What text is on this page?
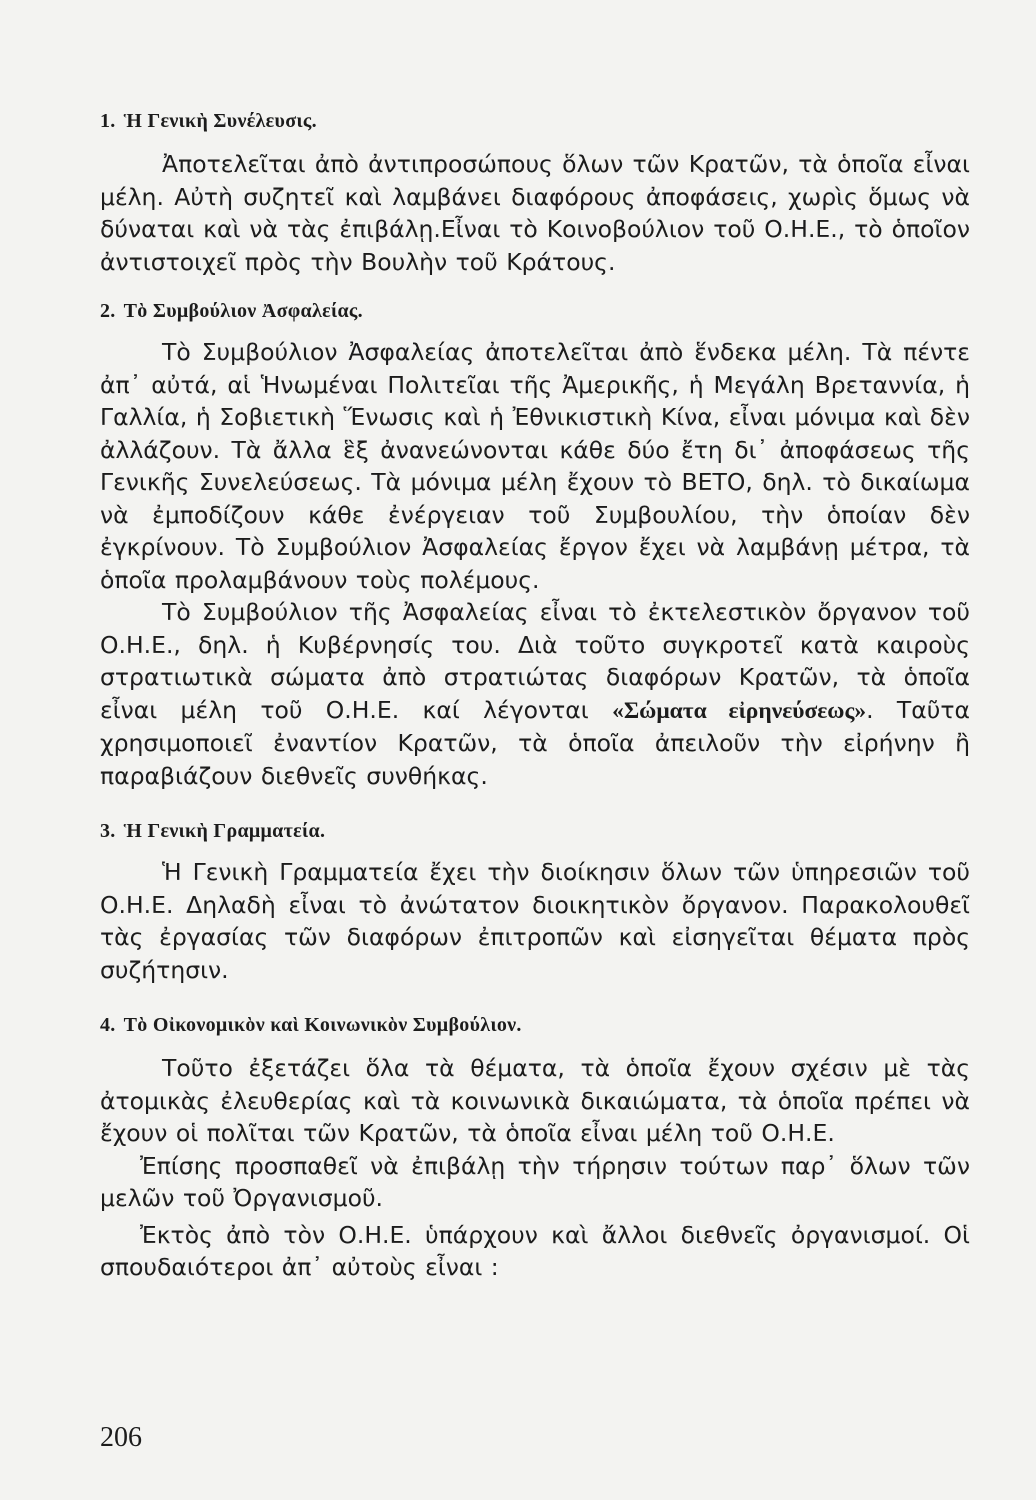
1. Ἡ Γενικὴ Συνέλευσις.

Ἀποτελεῖται ἀπὸ ἀντιπροσώπους ὅλων τῶν Κρατῶν, τὰ ὁποῖα εἶναι μέλη. Αὐτὴ συζητεῖ καὶ λαμβάνει διαφόρους ἀποφάσεις, χωρὶς ὅμως νὰ δύναται καὶ νὰ τὰς ἐπιβάλῃ.Εἶναι τὸ Κοινοβούλιον τοῦ Ο.Η.Ε., τὸ ὁποῖον ἀντιστοιχεῖ πρὸς τὴν Βουλὴν τοῦ Κράτους.

2. Τὸ Συμβούλιον Ἀσφαλείας.

Τὸ Συμβούλιον Ἀσφαλείας ἀποτελεῖται ἀπὸ ἕνδεκα μέλη. Τὰ πέντε ἀπ᾿ αὐτά, αἱ Ἡνωμέναι Πολιτεῖαι τῆς Ἀμερικῆς, ἡ Μεγάλη Βρεταννία, ἡ Γαλλία, ἡ Σοβιετικὴ Ἕνωσις καὶ ἡ Ἐθνικιστικὴ Κίνα, εἶναι μόνιμα καὶ δὲν ἀλλάζουν. Τὰ ἄλλα ἓξ ἀνανεώνονται κάθε δύο ἔτη δι᾿ ἀποφάσεως τῆς Γενικῆς Συνελεύσεως. Τὰ μόνιμα μέλη ἔχουν τὸ ΒΕΤΟ, δηλ. τὸ δικαίωμα νὰ ἐμποδίζουν κάθε ἐνέργειαν τοῦ Συμβουλίου, τὴν ὁποίαν δὲν ἐγκρίνουν. Τὸ Συμβούλιον Ἀσφαλείας ἔργον ἔχει νὰ λαμβάνῃ μέτρα, τὰ ὁποῖα προλαμβάνουν τοὺς πολέμους.

Τὸ Συμβούλιον τῆς Ἀσφαλείας εἶναι τὸ ἐκτελεστικὸν ὄργανον τοῦ Ο.Η.Ε., δηλ. ἡ Κυβέρνησίς του. Διὰ τοῦτο συγκροτεῖ κατὰ καιροὺς στρατιωτικὰ σώματα ἀπὸ στρατιώτας διαφόρων Κρατῶν, τὰ ὁποῖα εἶναι μέλη τοῦ Ο.Η.Ε. καί λέγονται «Σώματα εἰρηνεύσεως». Ταῦτα χρησιμοποιεῖ ἐναντίον Κρατῶν, τὰ ὁποῖα ἀπειλοῦν τὴν εἰρήνην ἢ παραβιάζουν διεθνεῖς συνθήκας.

3. Ἡ Γενικὴ Γραμματεία.

Ἡ Γενικὴ Γραμματεία ἔχει τὴν διοίκησιν ὅλων τῶν ὑπηρεσιῶν τοῦ Ο.Η.Ε. Δηλαδὴ εἶναι τὸ ἀνώτατον διοικητικὸν ὄργανον. Παρακολουθεῖ τὰς ἐργασίας τῶν διαφόρων ἐπιτροπῶν καὶ εἰσηγεῖται θέματα πρὸς συζήτησιν.

4. Τὸ Οἰκονομικὸν καὶ Κοινωνικὸν Συμβούλιον.

Τοῦτο ἐξετάζει ὅλα τὰ θέματα, τὰ ὁποῖα ἔχουν σχέσιν μὲ τὰς ἀτομικὰς ἐλευθερίας καὶ τὰ κοινωνικὰ δικαιώματα, τὰ ὁποῖα πρέπει νὰ ἔχουν οἱ πολῖται τῶν Κρατῶν, τὰ ὁποῖα εἶναι μέλη τοῦ Ο.Η.Ε.

Ἐπίσης προσπαθεῖ νὰ ἐπιβάλῃ τὴν τήρησιν τούτων παρ᾿ ὅλων τῶν μελῶν τοῦ Ὀργανισμοῦ.

Ἐκτὸς ἀπὸ τὸν Ο.Η.Ε. ὑπάρχουν καὶ ἄλλοι διεθνεῖς ὀργανισμοί. Οἱ σπουδαιότεροι ἀπ᾿ αὐτοὺς εἶναι :

206
